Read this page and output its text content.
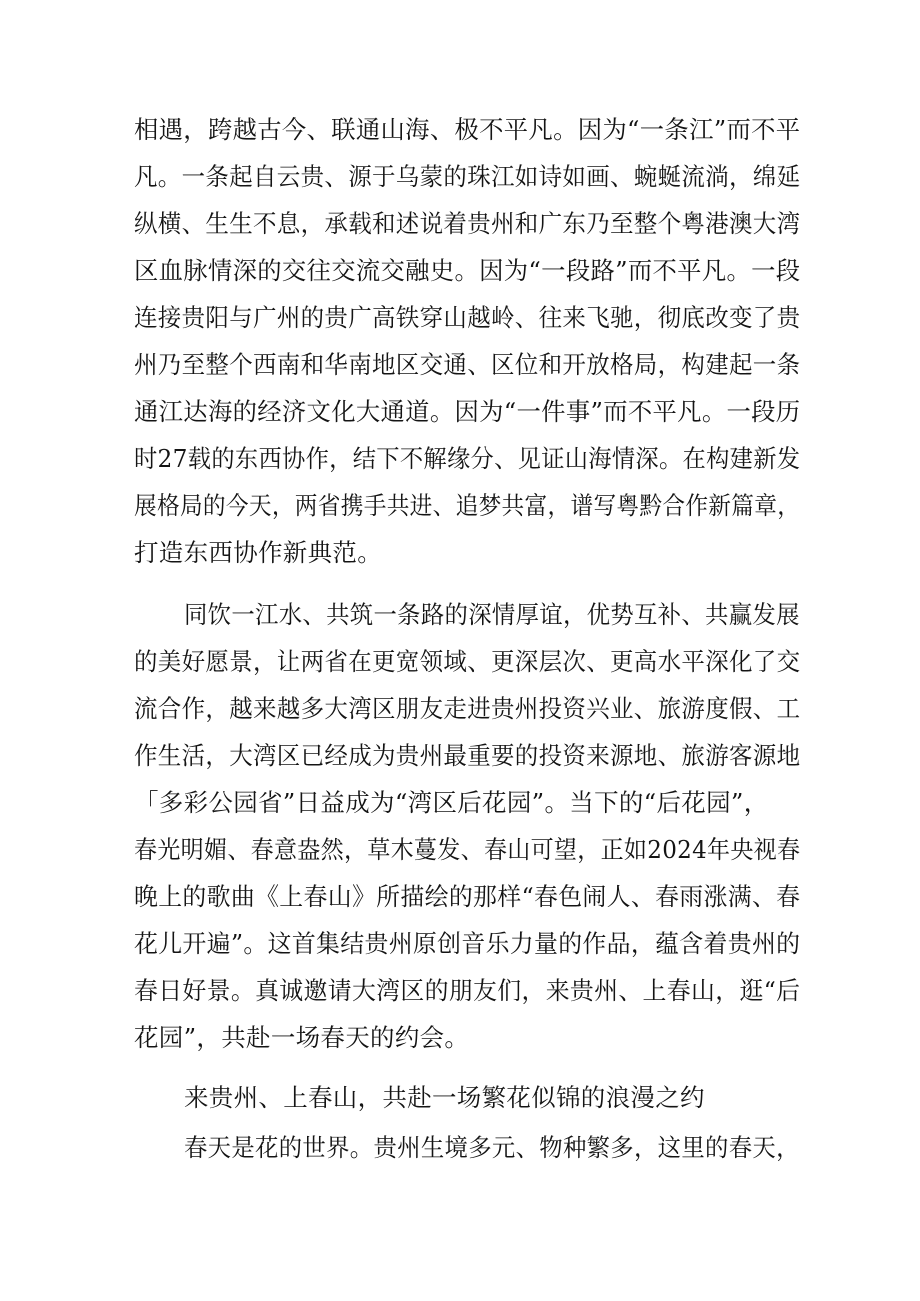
相遇，跨越古今、联通山海、极不平凡。因为“一条江”而不平
凡。一条起自云贵、源于乌蒙的珠江如诗如画、蜿蜒流淌，绵延
纵横、生生不息，承载和述说着贵州和广东乃至整个粤港澳大湾
区血脉情深的交往交流交融史。因为“一段路”而不平凡。一段
连接贵阳与广州的贵广高铁穿山越岭、往来飞驰，彻底改变了贵
州乃至整个西南和华南地区交通、区位和开放格局，构建起一条
通江达海的经济文化大通道。因为“一件事”而不平凡。一段历
时27载的东西协作，结下不解缘分、见证山海情深。在构建新发
展格局的今天，两省携手共进、追梦共富，谱写粤黔合作新篇章，
打造东西协作新典范。
同饮一江水、共筑一条路的深情厚谊，优势互补、共赢发展
的美好愿景，让两省在更宽领域、更深层次、更高水平深化了交
流合作，越来越多大湾区朋友走进贵州投资兴业、旅游度假、工
作生活，大湾区已经成为贵州最重要的投资来源地、旅游客源地
「多彩公园省”日益成为“湾区后花园”。当下的“后花园”，
春光明媚、春意盎然，草木蔓发、春山可望，正如2024年央视春
晚上的歌曲《上春山》所描绘的那样“春色闹人、春雨涨满、春
花儿开遍”。这首集结贵州原创音乐力量的作品，蕴含着贵州的
春日好景。真诚邀请大湾区的朋友们，来贵州、上春山，逛“后
花园”，共赴一场春天的约会。
来贵州、上春山，共赴一场繁花似锦的浪漫之约
春天是花的世界。贵州生境多元、物种繁多，这里的春天，
